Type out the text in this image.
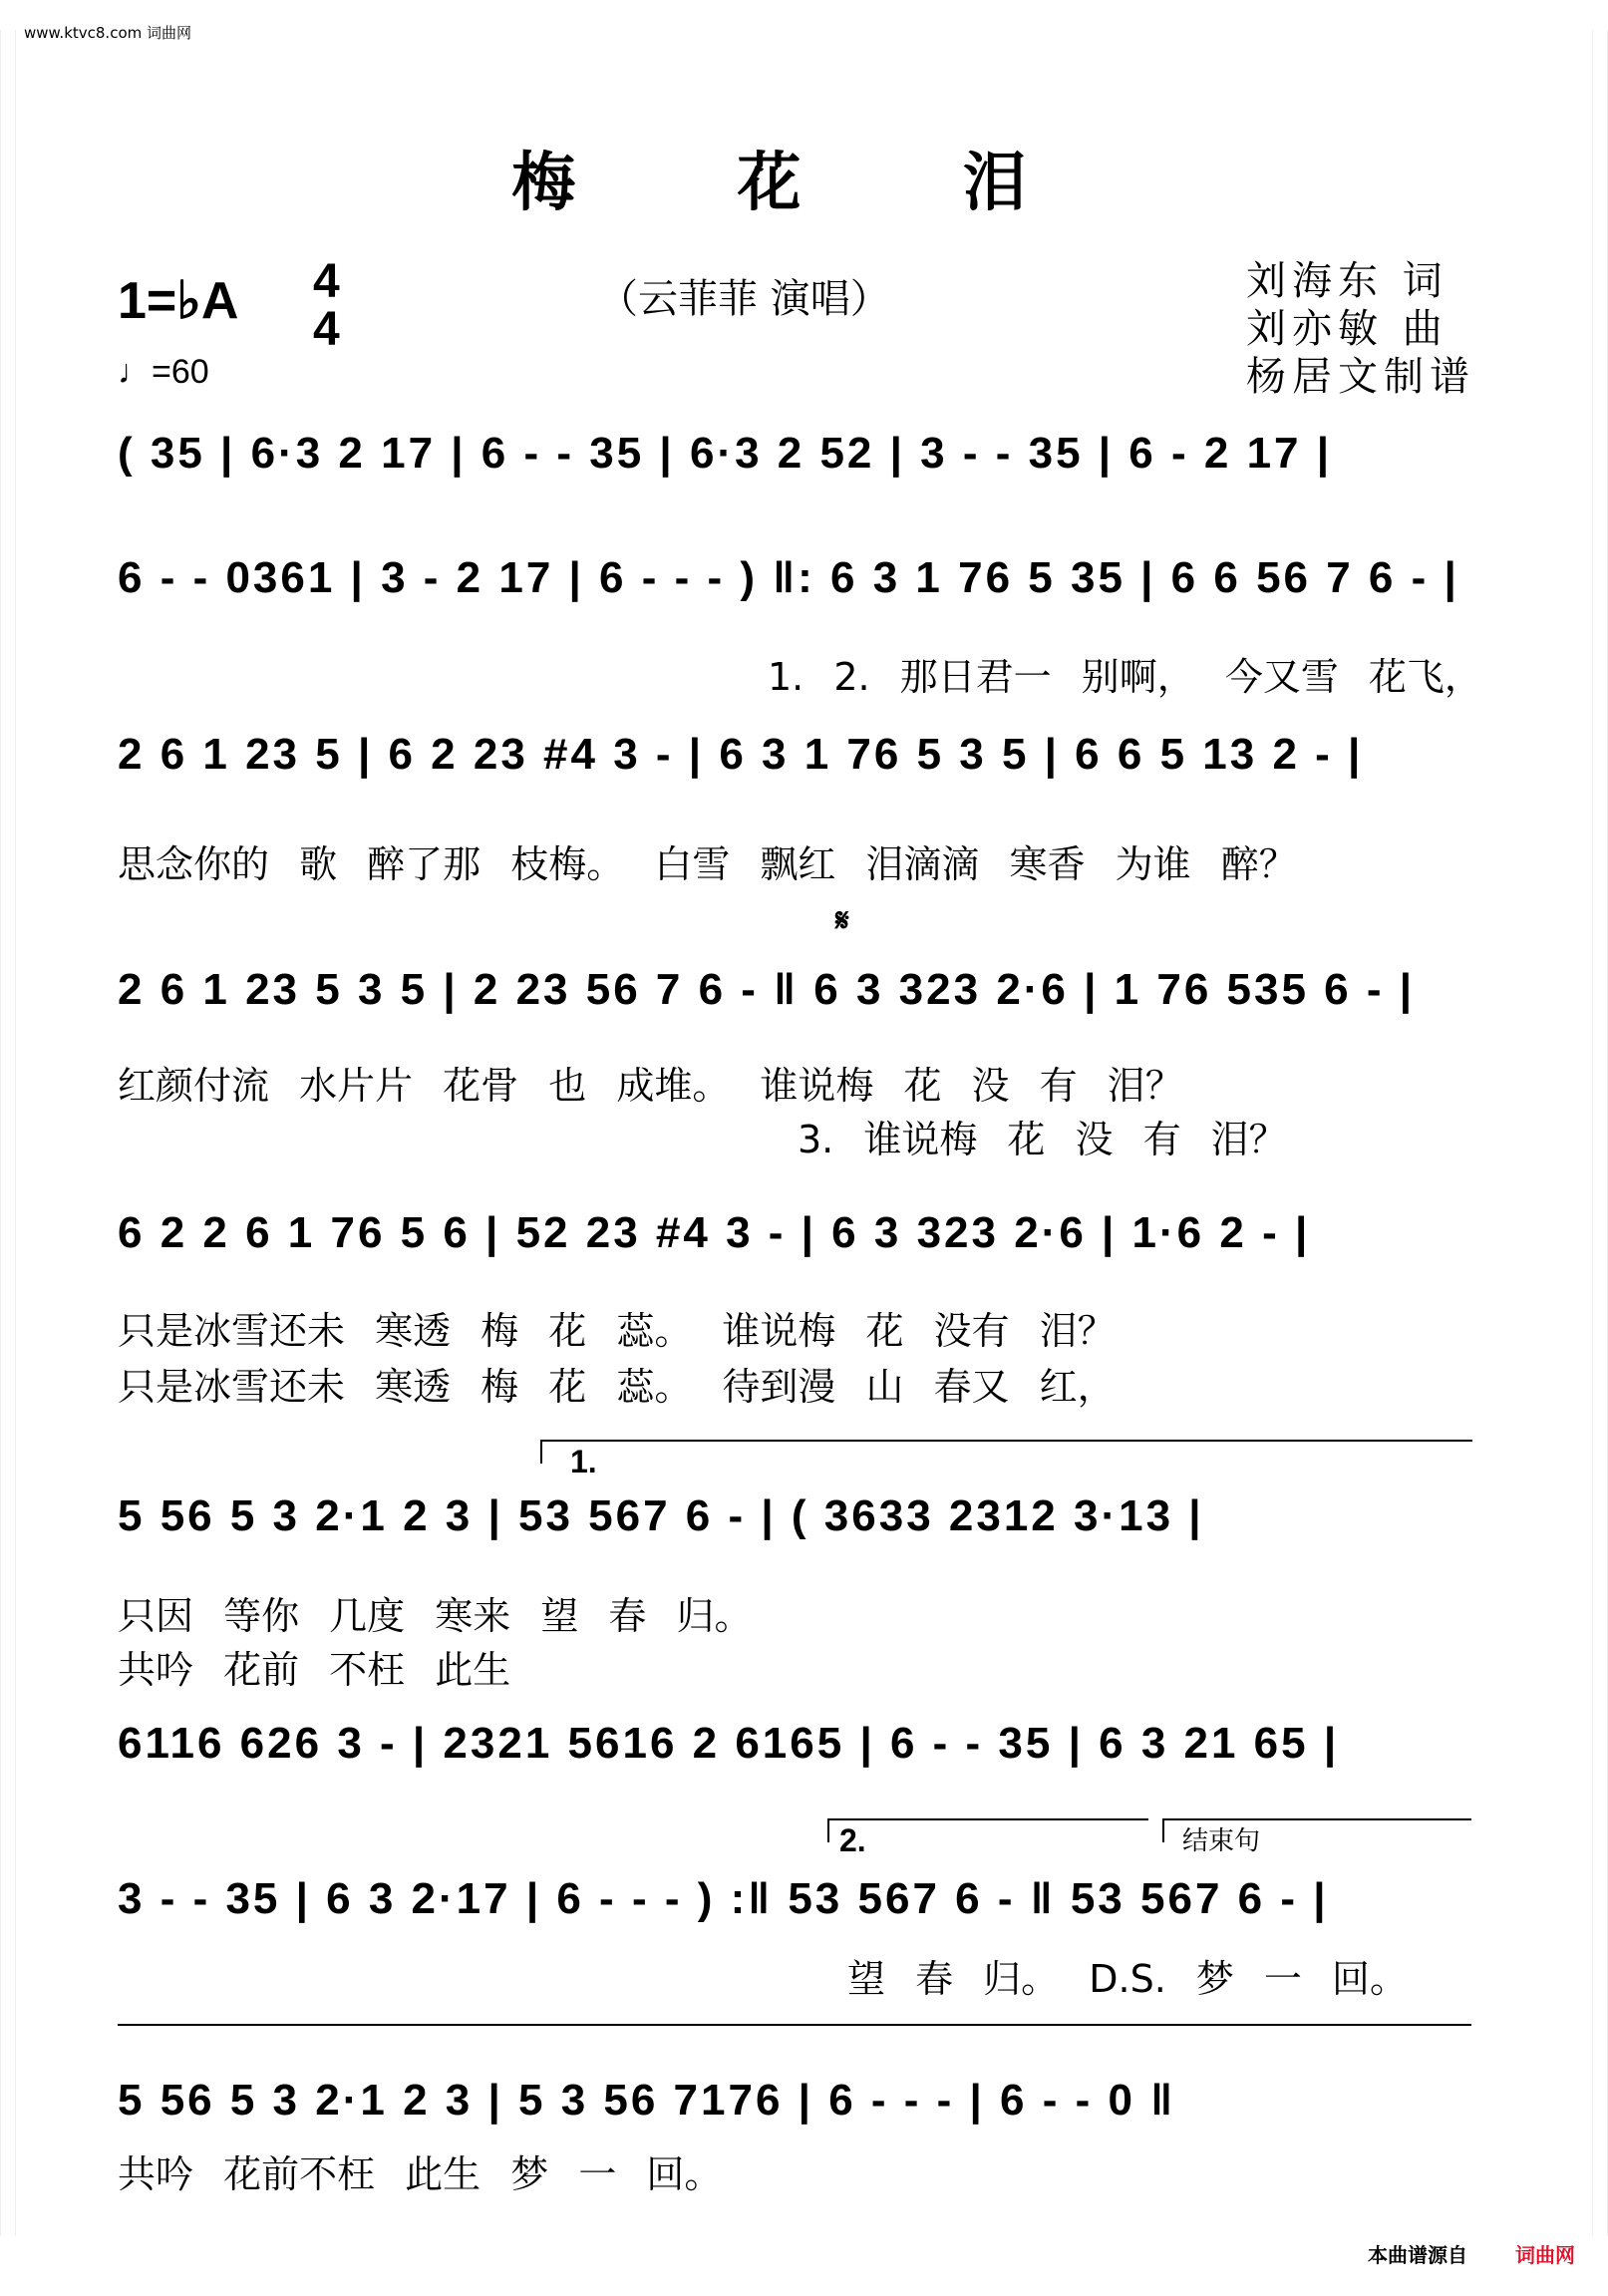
www.ktvc8.com 词曲网
梅 花 泪
1=♭A 4
4
♩=60
（云菲菲 演唱）	刘海东 词
刘亦敏 曲
杨居文制谱
( 35 | 6·3 2 17 | 6 - - 35 | 6·3 2 52 | 3 - - 35 | 6 - 2 17 |
6 - - 0361 | 3 - 2 17 | 6 - - - ) ‖: 6 3 1 76 5 35 | 6 6 56 7 6 - |
1. 2. 那日君一 别啊， 今又雪 花飞，
2 6 1 23 5 | 6 2 23 #4 3 - | 6 3 1 76 5 3 5 | 6 6 5 13 2 - |
思念你的 歌 醉了那 枝梅。 白雪 飘红 泪滴滴 寒香 为谁 醉？
𝄋
2 6 1 23 5 3 5 | 2 23 56 7 6 - ‖ 6 3 323 2·6 | 1 76 535 6 - |
红颜付流 水片片 花骨 也 成堆。 谁说梅 花 没 有 泪？
3. 谁说梅 花 没 有 泪？
6 2 2 6 1 76 5 6 | 52 23 #4 3 - | 6 3 323 2·6 | 1·6 2 - |
只是冰雪还未 寒透 梅 花 蕊。 谁说梅 花 没有 泪？
只是冰雪还未 寒透 梅 花 蕊。 待到漫 山 春又 红，
1.
5 56 5 3 2·1 2 3 | 53 567 6 - | ( 3633 2312 3·13 |
只因 等你 几度 寒来 望 春 归。
共吟 花前 不枉 此生
6116 626 3 - | 2321 5616 2 6165 | 6 - - 35 | 6 3 21 65 |
2.	结束句
3 - - 35 | 6 3 2·17 | 6 - - - ) :‖ 53 567 6 - ‖ 53 567 6 - |
望 春 归。 D.S. 梦 一 回。
5 56 5 3 2·1 2 3 | 5 3 56 7176 | 6 - - - | 6 - - 0 ‖
共吟 花前不枉 此生 梦 一 回。
本曲谱源自 词曲网
